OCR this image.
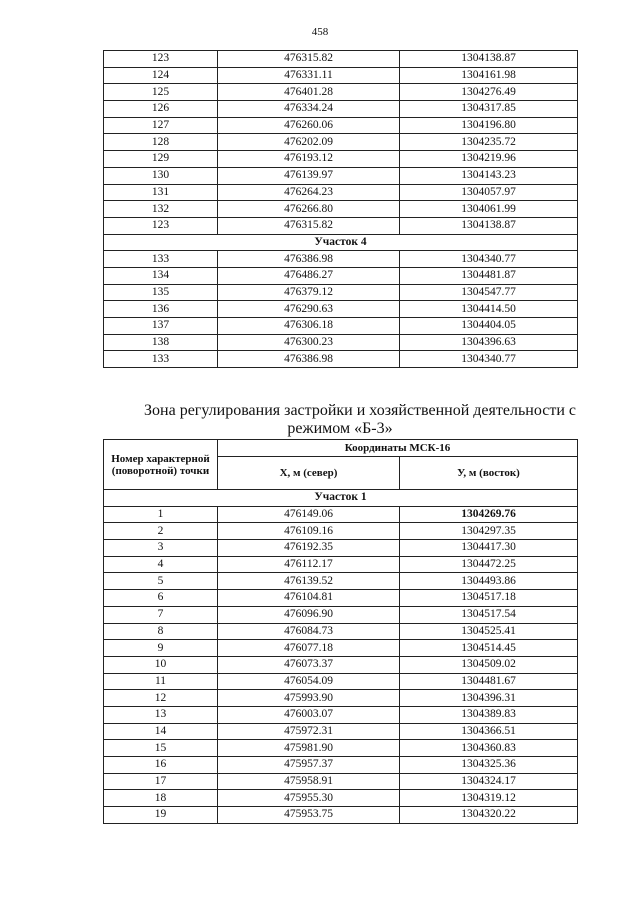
458
123	476315.82	1304138.87
124	476331.11	1304161.98
125	476401.28	1304276.49
126	476334.24	1304317.85
127	476260.06	1304196.80
128	476202.09	1304235.72
129	476193.12	1304219.96
130	476139.97	1304143.23
131	476264.23	1304057.97
132	476266.80	1304061.99
123	476315.82	1304138.87
Участок 4		
133	476386.98	1304340.77
134	476486.27	1304481.87
135	476379.12	1304547.77
136	476290.63	1304414.50
137	476306.18	1304404.05
138	476300.23	1304396.63
133	476386.98	1304340.77
Зона регулирования застройки и хозяйственной деятельности с
режимом «Б-3»
Номер характерной (поворотной) точки	Координаты МСК-16	
	X, м (север)	У, м (восток)
Участок 1		
1	476149.06	1304269.76
2	476109.16	1304297.35
3	476192.35	1304417.30
4	476112.17	1304472.25
5	476139.52	1304493.86
6	476104.81	1304517.18
7	476096.90	1304517.54
8	476084.73	1304525.41
9	476077.18	1304514.45
10	476073.37	1304509.02
11	476054.09	1304481.67
12	475993.90	1304396.31
13	476003.07	1304389.83
14	475972.31	1304366.51
15	475981.90	1304360.83
16	475957.37	1304325.36
17	475958.91	1304324.17
18	475955.30	1304319.12
19	475953.75	1304320.22
